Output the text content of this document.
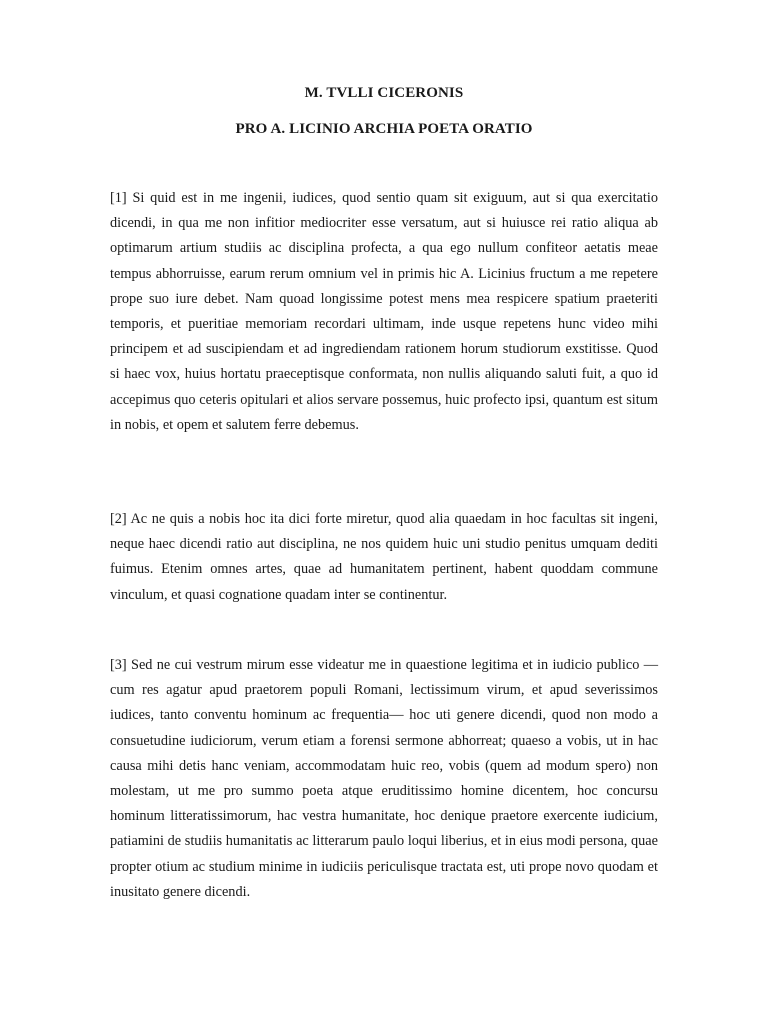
M. TVLLI CICERONIS
PRO A. LICINIO ARCHIA POETA ORATIO

[1] Si quid est in me ingenii, iudices, quod sentio quam sit exiguum, aut si qua exercitatio dicendi, in qua me non infitior mediocriter esse versatum, aut si huiusce rei ratio aliqua ab optimarum artium studiis ac disciplina profecta, a qua ego nullum confiteor aetatis meae tempus abhorruisse, earum rerum omnium vel in primis hic A. Licinius fructum a me repetere prope suo iure debet. Nam quoad longissime potest mens mea respicere spatium praeteriti temporis, et pueritiae memoriam recordari ultimam, inde usque repetens hunc video mihi principem et ad suscipiendam et ad ingrediendam rationem horum studiorum exstitisse. Quod si haec vox, huius hortatu praeceptisque conformata, non nullis aliquando saluti fuit, a quo id accepimus quo ceteris opitulari et alios servare possemus, huic profecto ipsi, quantum est situm in nobis, et opem et salutem ferre debemus.

[2] Ac ne quis a nobis hoc ita dici forte miretur, quod alia quaedam in hoc facultas sit ingeni, neque haec dicendi ratio aut disciplina, ne nos quidem huic uni studio penitus umquam dediti fuimus. Etenim omnes artes, quae ad humanitatem pertinent, habent quoddam commune vinculum, et quasi cognatione quadam inter se continentur.

[3] Sed ne cui vestrum mirum esse videatur me in quaestione legitima et in iudicio publico —cum res agatur apud praetorem populi Romani, lectissimum virum, et apud severissimos iudices, tanto conventu hominum ac frequentia— hoc uti genere dicendi, quod non modo a consuetudine iudiciorum, verum etiam a forensi sermone abhorreat; quaeso a vobis, ut in hac causa mihi detis hanc veniam, accommodatam huic reo, vobis (quem ad modum spero) non molestam, ut me pro summo poeta atque eruditissimo homine dicentem, hoc concursu hominum litteratissimorum, hac vestra humanitate, hoc denique praetore exercente iudicium, patiamini de studiis humanitatis ac litterarum paulo loqui liberius, et in eius modi persona, quae propter otium ac studium minime in iudiciis periculisque tractata est, uti prope novo quodam et inusitato genere dicendi.
